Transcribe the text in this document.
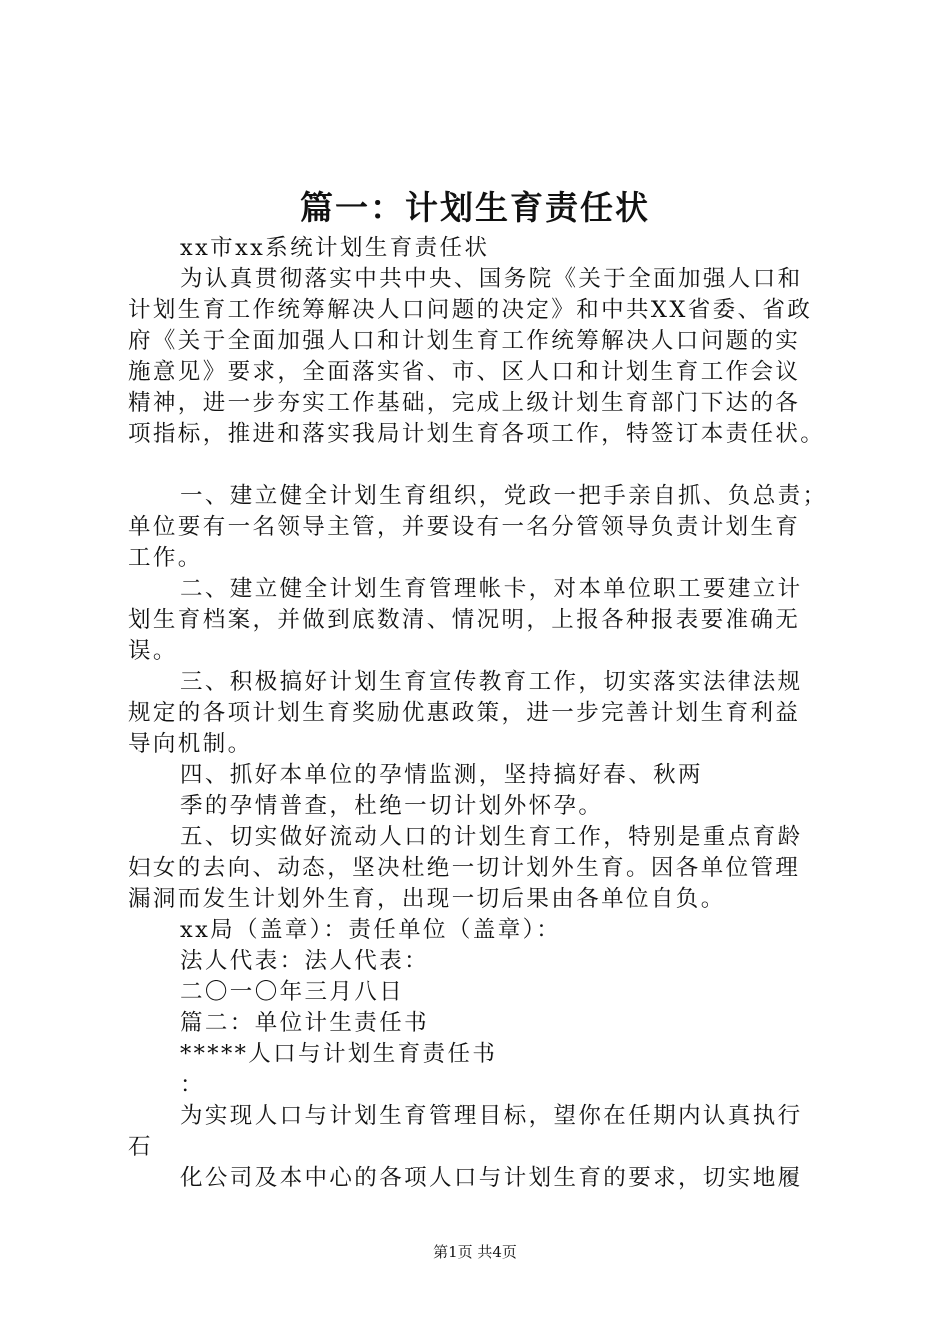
篇一：计划生育责任状
xx市xx系统计划生育责任状
为认真贯彻落实中共中央、国务院《关于全面加强人口和
计划生育工作统筹解决人口问题的决定》和中共XX省委、省政
府《关于全面加强人口和计划生育工作统筹解决人口问题的实
施意见》要求，全面落实省、市、区人口和计划生育工作会议
精神，进一步夯实工作基础，完成上级计划生育部门下达的各
项指标，推进和落实我局计划生育各项工作，特签订本责任状。
一、建立健全计划生育组织，党政一把手亲自抓、负总责；
单位要有一名领导主管，并要设有一名分管领导负责计划生育
工作。
二、建立健全计划生育管理帐卡，对本单位职工要建立计
划生育档案，并做到底数清、情况明，上报各种报表要准确无
误。
三、积极搞好计划生育宣传教育工作，切实落实法律法规
规定的各项计划生育奖励优惠政策，进一步完善计划生育利益
导向机制。
四、抓好本单位的孕情监测，坚持搞好春、秋两
季的孕情普查，杜绝一切计划外怀孕。
五、切实做好流动人口的计划生育工作，特别是重点育龄
妇女的去向、动态，坚决杜绝一切计划外生育。因各单位管理
漏洞而发生计划外生育，出现一切后果由各单位自负。
xx局（盖章）：责任单位（盖章）：
法人代表：法人代表：
二〇一〇年三月八日
篇二：单位计生责任书
*****人口与计划生育责任书
：
为实现人口与计划生育管理目标，望你在任期内认真执行
石
化公司及本中心的各项人口与计划生育的要求，切实地履
第1页 共4页
